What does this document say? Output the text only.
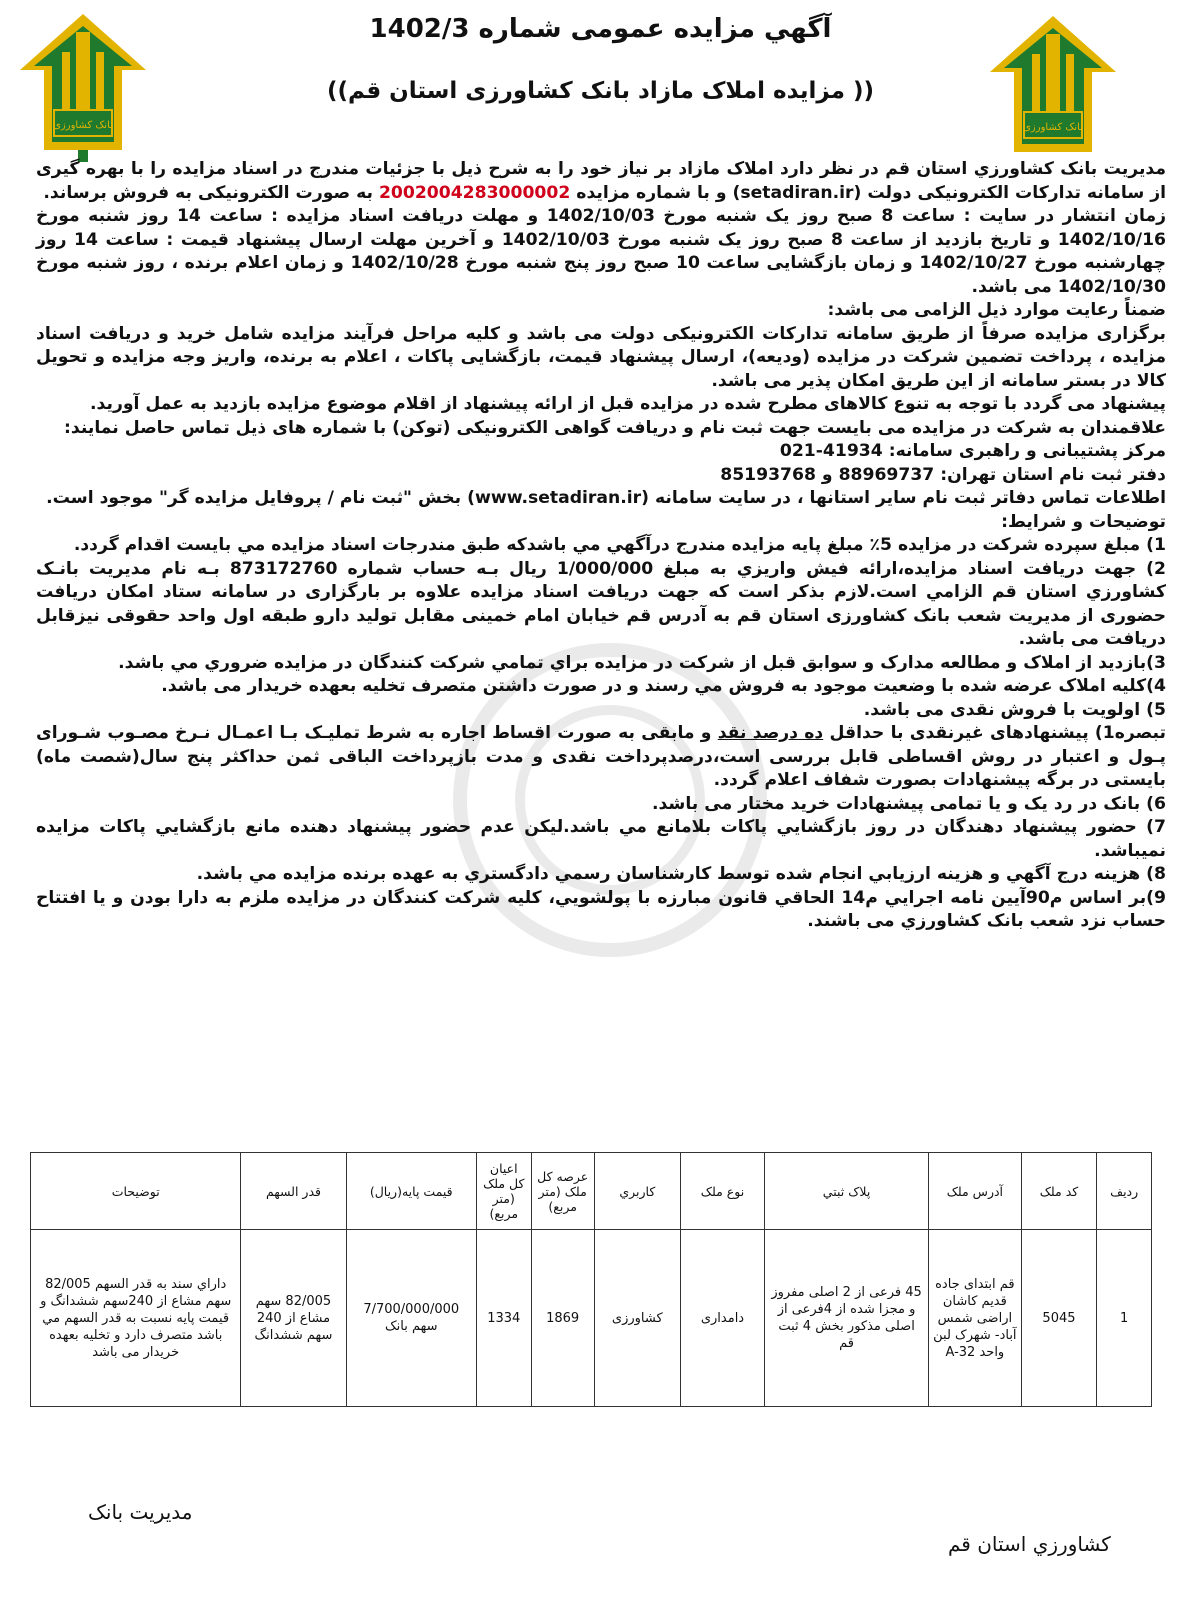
بانک کشاورزی	بانک کشاورزی
آگهي مزايده عمومی شماره 1402/3
(( مزایده املاک مازاد بانک کشاورزی استان قم))

مدیریت بانک کشاورزي استان قم در نظر دارد املاک مازاد بر نیاز خود را به شرح ذیل با جزئیات مندرج در اسناد مزایده را با بهره گیری از سامانه تدارکات الکترونیکی دولت (setadiran.ir) و با شماره مزایده 2002004283000002 به صورت الکترونیکی به فروش برساند.

زمان انتشار در سایت : ساعت 8 صبح روز یک شنبه مورخ 1402/10/03 و مهلت دریافت اسناد مزایده : ساعت 14 روز شنبه مورخ 1402/10/16 و تاریخ بازدید از ساعت 8 صبح روز یک شنبه مورخ 1402/10/03 و آخرین مهلت ارسال پیشنهاد قیمت : ساعت 14 روز چهارشنبه مورخ 1402/10/27 و زمان بازگشایی ساعت 10 صبح روز پنج شنبه مورخ 1402/10/28 و زمان اعلام برنده ، روز شنبه مورخ 1402/10/30 می باشد.

ضمناً رعایت موارد ذیل الزامی می باشد:

برگزاری مزایده صرفاً از طریق سامانه تدارکات الکترونیکی دولت می باشد و کلیه مراحل فرآیند مزایده شامل خرید و دریافت اسناد مزایده ، پرداخت تضمین شرکت در مزایده (ودیعه)، ارسال پیشنهاد قیمت، بازگشایی پاکات ، اعلام به برنده، واریز وجه مزایده و تحویل کالا در بستر سامانه از این طریق امکان پذیر می باشد.

پیشنهاد می گردد با توجه به تنوع کالاهای مطرح شده در مزایده قبل از ارائه پیشنهاد از اقلام موضوع مزایده بازدید به عمل آورید.

علاقمندان به شرکت در مزایده می بایست جهت ثبت نام و دریافت گواهی الکترونیکی (توکن) با شماره های ذیل تماس حاصل نمایند:

مرکز پشتیبانی و راهبری سامانه: 41934-021

دفتر ثبت نام استان تهران: 88969737 و 85193768

اطلاعات تماس دفاتر ثبت نام سایر استانها ، در سایت سامانه (www.setadiran.ir) بخش "ثبت نام / پروفایل مزایده گر" موجود است.

توضیحات و شرایط:

1) مبلغ سپرده شرکت در مزايده 5٪ مبلغ پايه مزايده مندرج درآگهي مي باشدكه طبق مندرجات اسناد مزايده مي بايست اقدام گردد.

2) جهت دریافت اسناد مزایده،ارائه فیش واریزي به مبلغ 1/000/000 ریال بـه حساب شماره 873172760 بـه نام مدیریت بانـک کشاورزي استان قم الزامي است.لازم بذکر است که جهت دریافت اسناد مزایده علاوه بر بارگزاری در سامانه ستاد امکان دریافت حضوری از مدیریت شعب بانک کشاورزی استان قم به آدرس قم خیابان امام خمینی مقابل تولید دارو طبقه اول واحد حقوقی نیزقابل دریافت می باشد.

3)بازديد از املاک و مطالعه مدارک و سوابق قبل از شركت در مزايده براي تمامي شركت كنندگان در مزايده ضروري مي باشد.

4)كليه املاک عرضه شده با وضعيت موجود به فروش مي رسند و در صورت داشتن متصرف تخلیه بعهده خریدار می باشد.

5) اولویت با فروش نقدی می باشد.

تبصره1) پیشنهادهای غیرنقدی با حداقل ده درصد نقد و مابقی به صورت اقساط اجاره به شرط تملیـک بـا اعمـال نـرخ مصـوب شـورای پـول و اعتبار در روش اقساطی قابل بررسی است،درصدپرداخت نقدی و مدت بازپرداخت الباقی ثمن حداکثر پنج سال(شصت ماه) بایستی در برگه پیشنهادات بصورت شفاف اعلام گردد.

6) بانک در رد یک و یا تمامی پیشنهادات خرید مختار می باشد.

7) حضور پيشنهاد دهندگان در روز بازگشايي پاكات بلامانع مي باشد.ليكن عدم حضور پيشنهاد دهنده مانع بازگشايي پاكات مزايده نميباشد.

8) هزینه درج آگهي و هزينه ارزيابي انجام شده توسط كارشناسان رسمي دادگستري به عهده برنده مزايده مي باشد.

9)بر اساس م90آيين نامه اجرايي م14 الحاقي قانون مبارزه با پولشويي، كليه شركت كنندگان در مزايده ملزم به دارا بودن و يا افتتاح حساب نزد شعب بانک كشاورزي می باشند.

ردیف	کد ملک	آدرس ملک	پلاک ثبتي	نوع ملک	کاربري	عرصه کل ملک (متر مربع)	اعیان کل ملک (متر مربع)	قیمت پایه(ریال)	قدر السهم	توضيحات
1	5045	قم ابتدای جاده قدیم کاشان اراضی شمس آباد- شهرک لبن واحد A-32	45 فرعی از 2 اصلی مفروز و مجزا شده از 4فرعی از اصلی مذکور بخش 4 ثبت قم	دامداری	کشاورزی	1869	1334	7/700/000/000 سهم بانک	82/005 سهم مشاع از 240 سهم ششدانگ	داراي سند به قدر السهم 82/005 سهم مشاع از 240سهم ششدانگ و قیمت پایه نسبت به قدر السهم مي باشد متصرف دارد و تخلیه بعهده خریدار می باشد
مدیریت بانک
کشاورزي استان قم
